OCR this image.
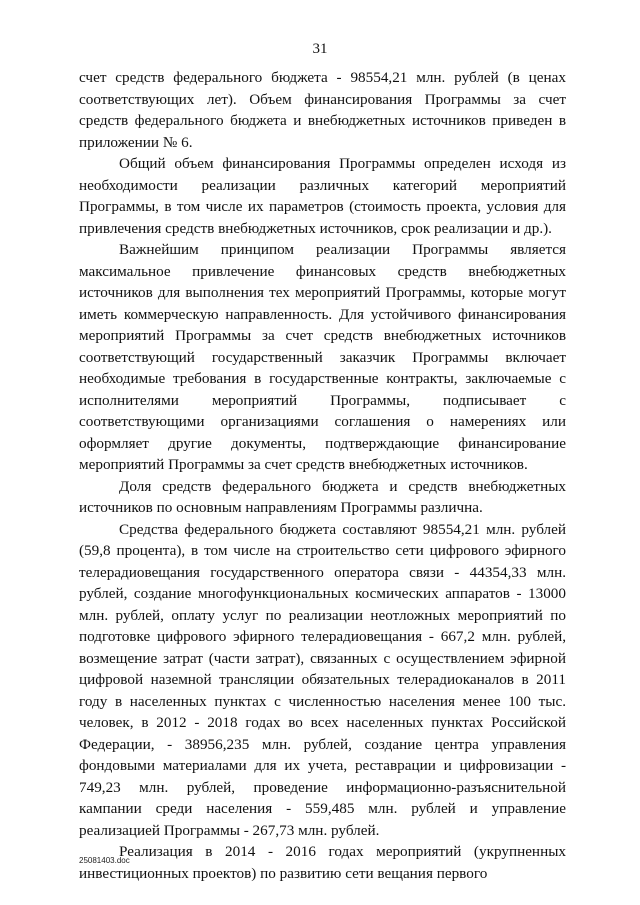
31

счет средств федерального бюджета - 98554,21 млн. рублей (в ценах соответствующих лет). Объем финансирования Программы за счет средств федерального бюджета и внебюджетных источников приведен в приложении № 6.

Общий объем финансирования Программы определен исходя из необходимости реализации различных категорий мероприятий Программы, в том числе их параметров (стоимость проекта, условия для привлечения средств внебюджетных источников, срок реализации и др.).

Важнейшим принципом реализации Программы является максимальное привлечение финансовых средств внебюджетных источников для выполнения тех мероприятий Программы, которые могут иметь коммерческую направленность. Для устойчивого финансирования мероприятий Программы за счет средств внебюджетных источников соответствующий государственный заказчик Программы включает необходимые требования в государственные контракты, заключаемые с исполнителями мероприятий Программы, подписывает с соответствующими организациями соглашения о намерениях или оформляет другие документы, подтверждающие финансирование мероприятий Программы за счет средств внебюджетных источников.

Доля средств федерального бюджета и средств внебюджетных источников по основным направлениям Программы различна.

Средства федерального бюджета составляют 98554,21 млн. рублей (59,8 процента), в том числе на строительство сети цифрового эфирного телерадиовещания государственного оператора связи - 44354,33 млн. рублей, создание многофункциональных космических аппаратов - 13000 млн. рублей, оплату услуг по реализации неотложных мероприятий по подготовке цифрового эфирного телерадиовещания - 667,2 млн. рублей, возмещение затрат (части затрат), связанных с осуществлением эфирной цифровой наземной трансляции обязательных телерадиоканалов в 2011 году в населенных пунктах с численностью населения менее 100 тыс. человек, в 2012 - 2018 годах во всех населенных пунктах Российской Федерации, - 38956,235 млн. рублей, создание центра управления фондовыми материалами для их учета, реставрации и цифровизации - 749,23 млн. рублей, проведение информационно-разъяснительной кампании среди населения - 559,485 млн. рублей и управление реализацией Программы - 267,73 млн. рублей.

Реализация в 2014 - 2016 годах мероприятий (укрупненных инвестиционных проектов) по развитию сети вещания первого

25081403.doc
